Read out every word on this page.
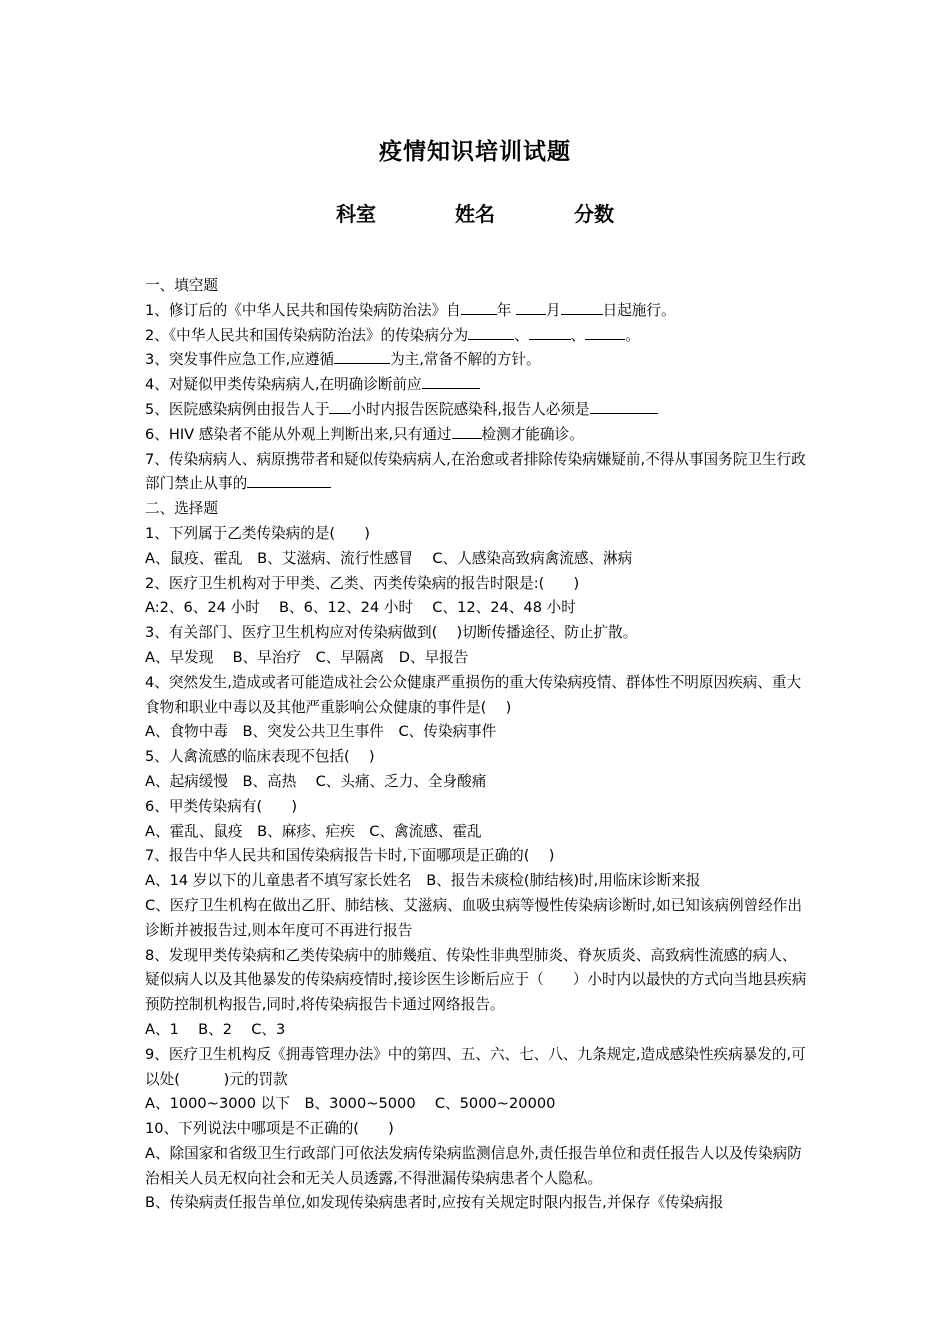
疫情知识培训试题
科室	姓名	分数
一、填空题
1、修订后的《中华人民共和国传染病防治法》自 年 月	日起施行。
2、《中华人民共和国传染病防治法》的传染病分为	、	、	。
3、突发事件应急工作,应遵循	为主,常备不解的方针。
4、对疑似甲类传染病病人,在明确诊断前应
5、医院感染病例由报告人于 小时内报告医院感染科,报告人必须是
6、HIV 感染者不能从外观上判断出来,只有通过 检测才能确诊。
7、传染病病人、病原携带者和疑似传染病病人,在治愈或者排除传染病嫌疑前,不得从事国务院卫生行政部门禁止从事的
二、选择题
1、下列属于乙类传染病的是(　　)
A、鼠疫、霍乱　B、艾滋病、流行性感冒　 C、人感染高致病禽流感、淋病
2、医疗卫生机构对于甲类、乙类、丙类传染病的报告时限是:(　　)
A:2、6、24 小时　 B、6、12、24 小时　 C、12、24、48 小时
3、有关部门、医疗卫生机构应对传染病做到(　 )切断传播途径、防止扩散。
A、早发现　 B、早治疗　C、早隔离　D、早报告
4、突然发生,造成或者可能造成社会公众健康严重损伤的重大传染病疫情、群体性不明原因疾病、重大食物和职业中毒以及其他严重影响公众健康的事件是(　 )
A、食物中毒　B、突发公共卫生事件　C、传染病事件
5、人禽流感的临床表现不包括(　 )
A、起病缓慢　B、高热　 C、头痛、乏力、全身酸痛
6、甲类传染病有(　　)
A、霍乱、鼠疫　B、麻疹、疟疾　C、禽流感、霍乱
7、报告中华人民共和国传染病报告卡时,下面哪项是正确的(　 )
A、14 岁以下的儿童患者不填写家长姓名　B、报告未痰检(肺结核)时,用临床诊断来报
C、医疗卫生机构在做出乙肝、肺结核、艾滋病、血吸虫病等慢性传染病诊断时,如已知该病例曾经作出诊断并被报告过,则本年度可不再进行报告
8、发现甲类传染病和乙类传染病中的肺幾疽、传染性非典型肺炎、脊灰质炎、高致病性流感的病人、疑似病人以及其他暴发的传染病疫情时,接诊医生诊断后应于（　　）小时内以最快的方式向当地县疾病预防控制机构报告,同时,将传染病报告卡通过网络报告。
A、1　 B、2　 C、3
9、医疗卫生机构反《拥毒管理办法》中的第四、五、六、七、八、九条规定,造成感染性疾病暴发的,可以处(　　　)元的罚款
A、1000~3000 以下　B、3000~5000　 C、5000~20000
10、下列说法中哪项是不正确的(　　)
A、除国家和省级卫生行政部门可依法发病传染病监测信息外,责任报告单位和责任报告人以及传染病防治相关人员无权向社会和无关人员透露,不得泄漏传染病患者个人隐私。
B、传染病责任报告单位,如发现传染病患者时,应按有关规定时限内报告,并保存《传染病报
